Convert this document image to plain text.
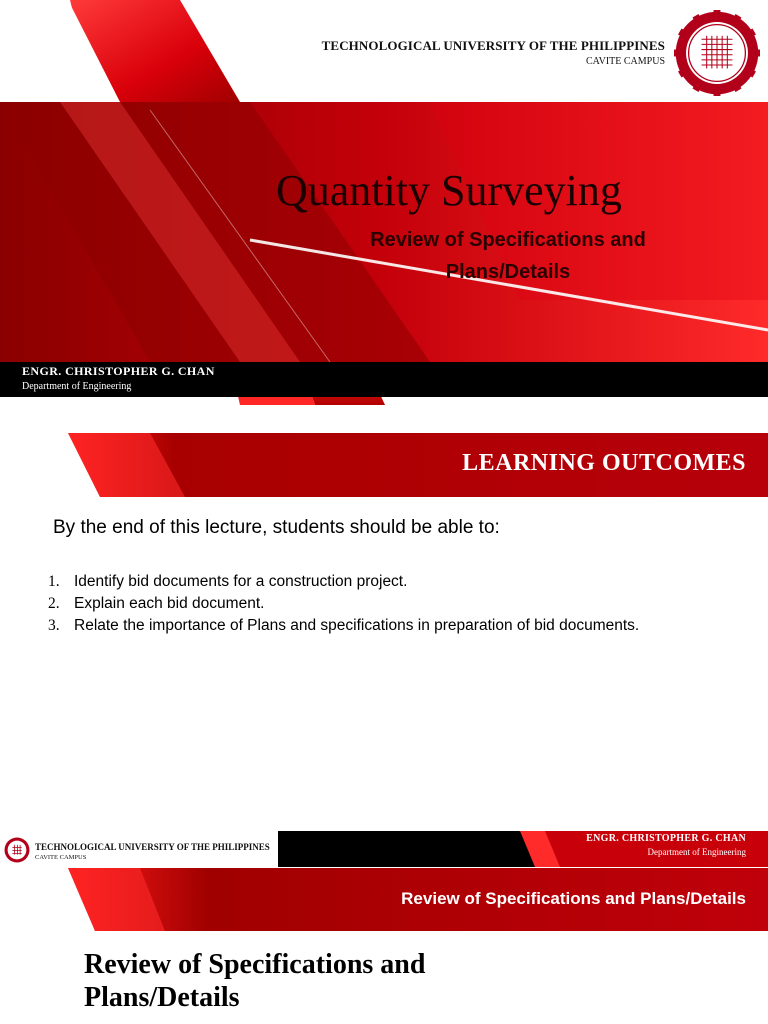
TECHNOLOGICAL UNIVERSITY OF THE PHILIPPINES
CAVITE CAMPUS
Quantity Surveying
Review of Specifications and
Plans/Details
ENGR. CHRISTOPHER G. CHAN
Department of Engineering
LEARNING OUTCOMES
By the end of this lecture, students should be able to:
1. Identify bid documents for a construction project.
2. Explain each bid document.
3. Relate the importance of Plans and specifications in preparation of bid documents.
TECHNOLOGICAL UNIVERSITY OF THE PHILIPPINES
CAVITE CAMPUS
ENGR. CHRISTOPHER G. CHAN
Department of Engineering
Review of Specifications and Plans/Details
Review of Specifications and
Plans/Details
